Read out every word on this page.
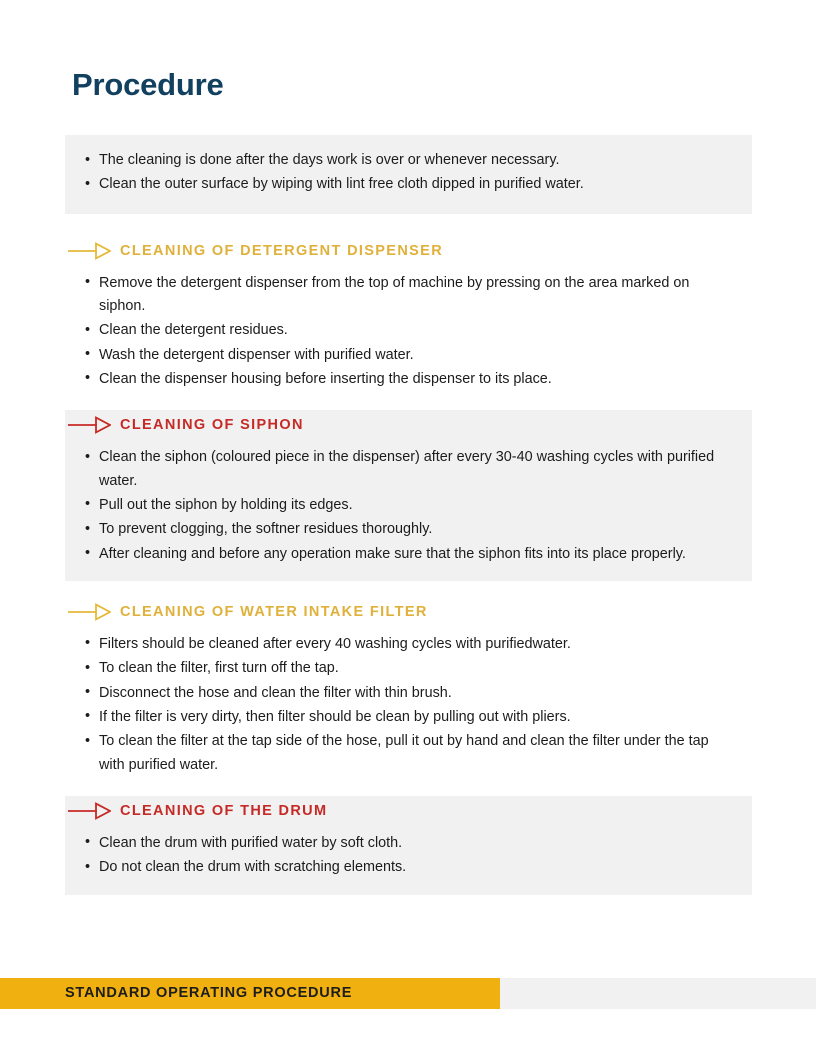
Procedure
• The cleaning is done after the days work is over or whenever necessary.
• Clean the outer surface by wiping with lint free cloth dipped in purified water.
CLEANING OF DETERGENT DISPENSER
• Remove the detergent dispenser from the top of machine by pressing on the area marked on siphon.
• Clean the detergent residues.
• Wash the detergent dispenser with purified water.
• Clean the dispenser housing before inserting the dispenser to its place.
CLEANING OF SIPHON
• Clean the siphon (coloured piece in the dispenser) after every 30-40 washing cycles with purified water.
• Pull out the siphon by holding its edges.
• To prevent clogging, the softner residues thoroughly.
• After cleaning and before any operation make sure that the siphon fits into its place properly.
CLEANING OF WATER INTAKE FILTER
• Filters should be cleaned after every 40 washing cycles with purifiedwater.
• To clean the filter, first turn off the tap.
• Disconnect the hose and clean the filter with thin brush.
• If the filter is very dirty, then filter should be clean by pulling out with pliers.
• To clean the filter at the tap side of the hose, pull it out by hand and clean the filter under the tap with purified water.
CLEANING OF THE DRUM
• Clean the drum with purified water by soft cloth.
• Do not clean the drum with scratching elements.
STANDARD OPERATING PROCEDURE
